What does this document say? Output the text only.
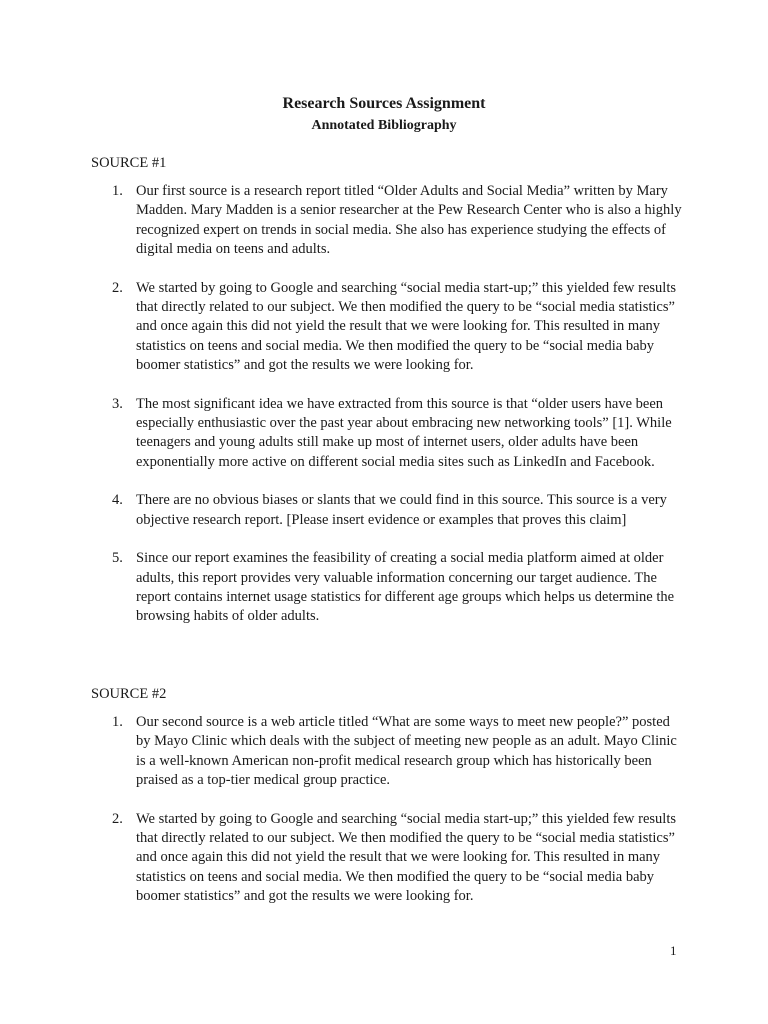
Research Sources Assignment
Annotated Bibliography
SOURCE #1
1. Our first source is a research report titled “Older Adults and Social Media” written by Mary Madden. Mary Madden is a senior researcher at the Pew Research Center who is also a highly recognized expert on trends in social media. She also has experience studying the effects of digital media on teens and adults.
2. We started by going to Google and searching “social media start-up;” this yielded few results that directly related to our subject. We then modified the query to be “social media statistics” and once again this did not yield the result that we were looking for. This resulted in many statistics on teens and social media. We then modified the query to be “social media baby boomer statistics” and got the results we were looking for.
3. The most significant idea we have extracted from this source is that “older users have been especially enthusiastic over the past year about embracing new networking tools” [1]. While teenagers and young adults still make up most of internet users, older adults have been exponentially more active on different social media sites such as LinkedIn and Facebook.
4. There are no obvious biases or slants that we could find in this source. This source is a very objective research report. [Please insert evidence or examples that proves this claim]
5. Since our report examines the feasibility of creating a social media platform aimed at older adults, this report provides very valuable information concerning our target audience. The report contains internet usage statistics for different age groups which helps us determine the browsing habits of older adults.
SOURCE #2
1. Our second source is a web article titled “What are some ways to meet new people?” posted by Mayo Clinic which deals with the subject of meeting new people as an adult. Mayo Clinic is a well-known American non-profit medical research group which has historically been praised as a top-tier medical group practice.
2. We started by going to Google and searching “social media start-up;” this yielded few results that directly related to our subject. We then modified the query to be “social media statistics” and once again this did not yield the result that we were looking for. This resulted in many statistics on teens and social media. We then modified the query to be “social media baby boomer statistics” and got the results we were looking for.
1
